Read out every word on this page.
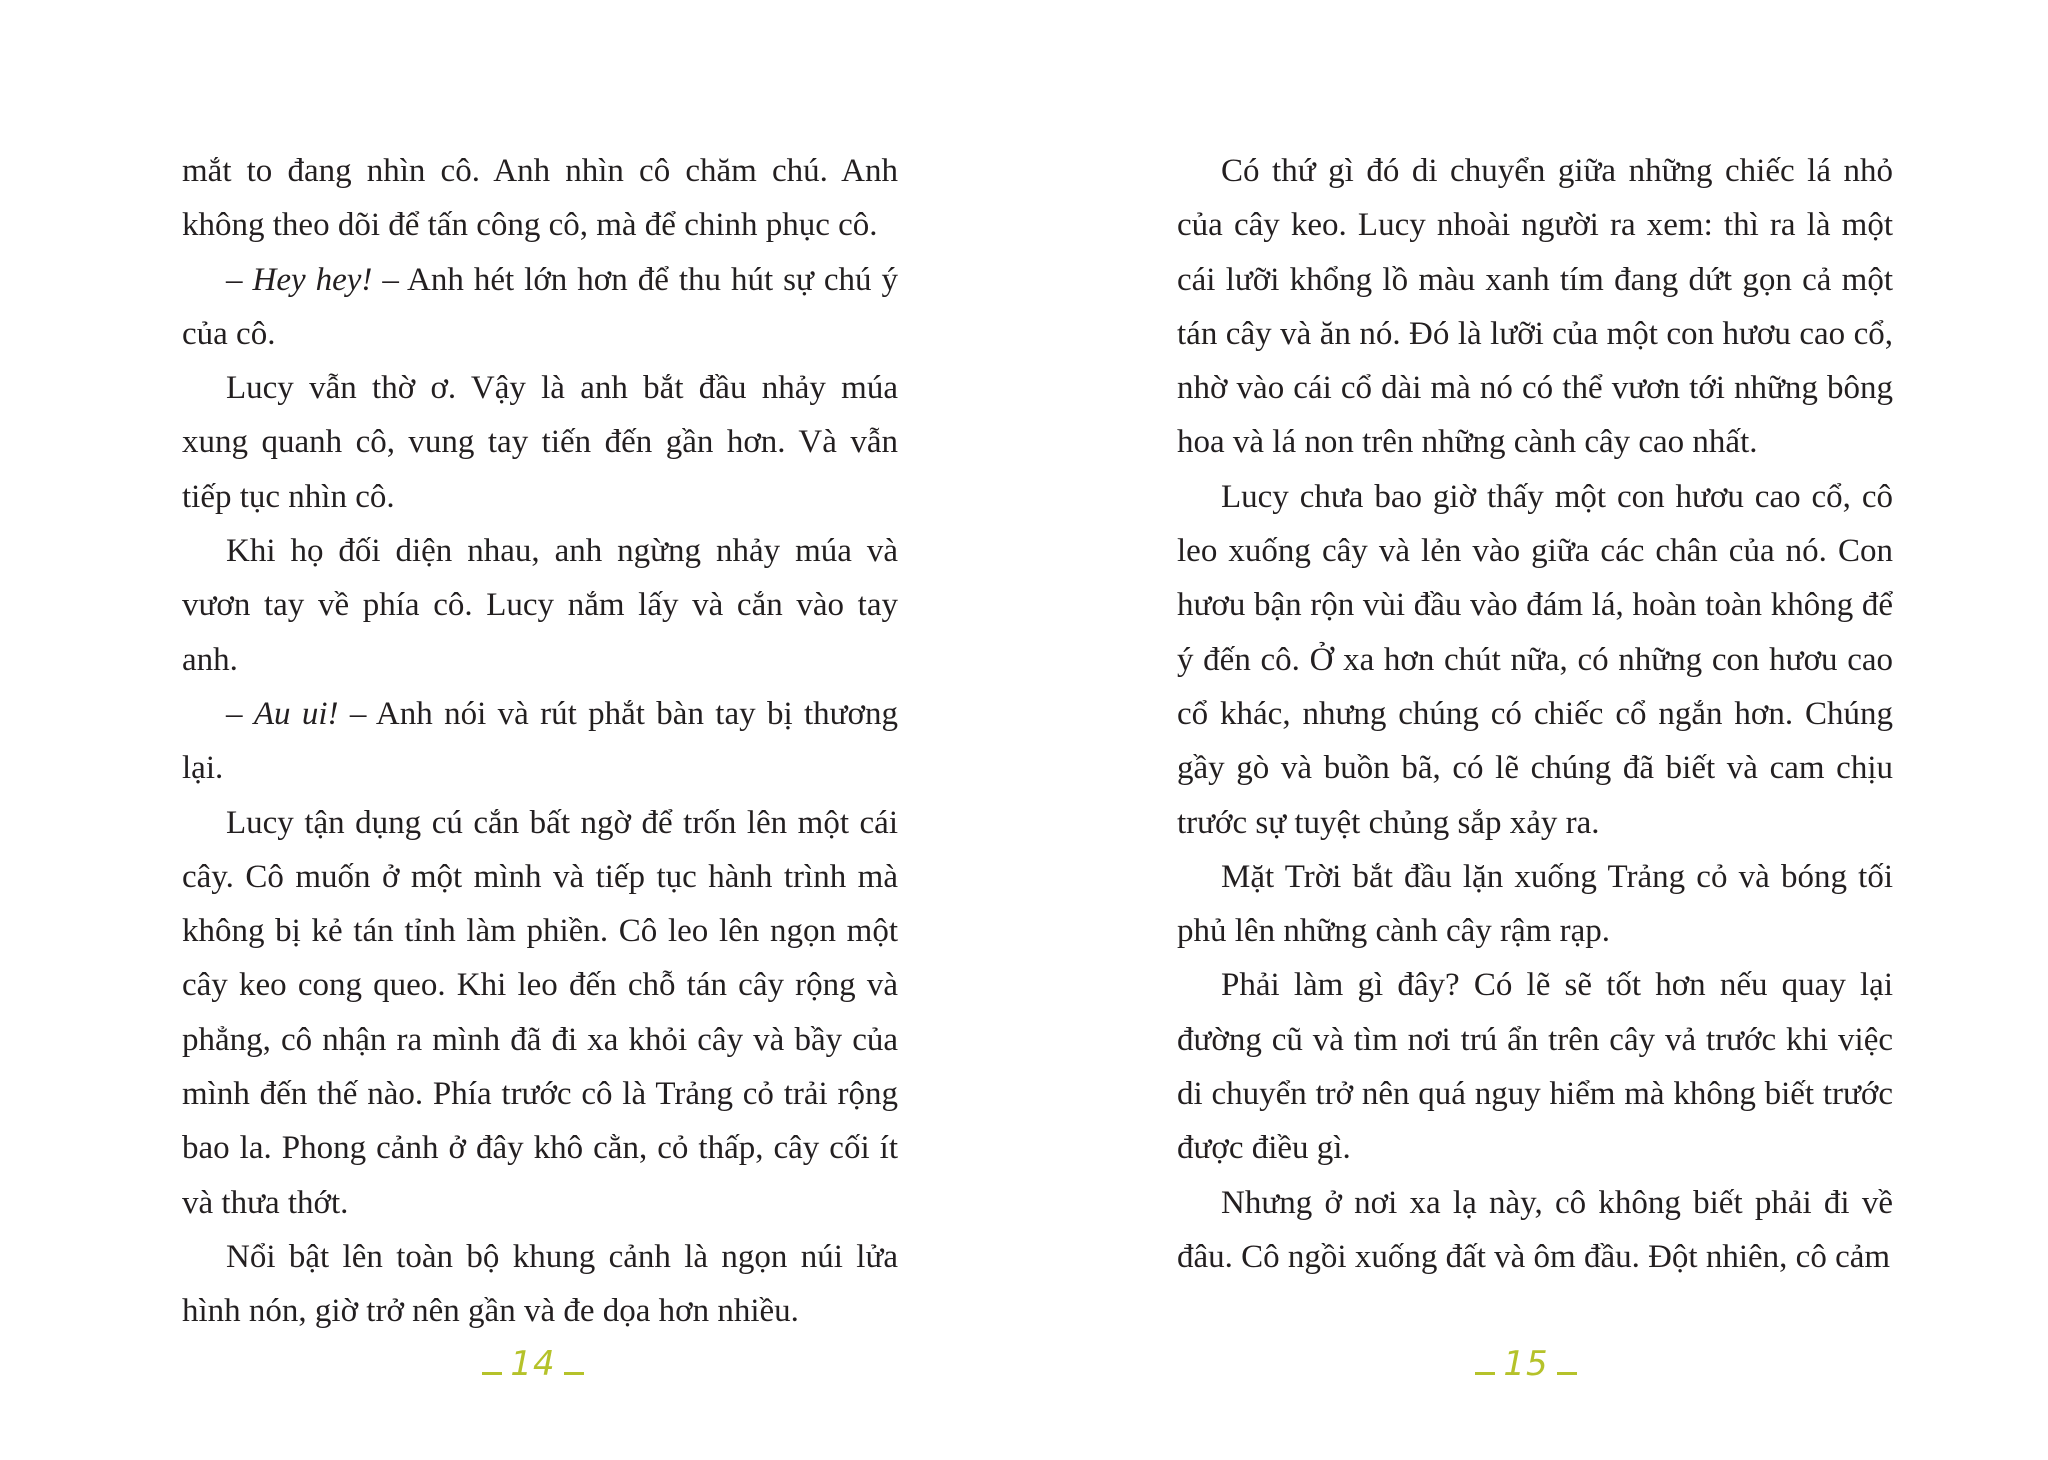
mắt to đang nhìn cô. Anh nhìn cô chăm chú. Anh không theo dõi để tấn công cô, mà để chinh phục cô.

– Hey hey! – Anh hét lớn hơn để thu hút sự chú ý của cô.

Lucy vẫn thờ ơ. Vậy là anh bắt đầu nhảy múa xung quanh cô, vung tay tiến đến gần hơn. Và vẫn tiếp tục nhìn cô.

Khi họ đối diện nhau, anh ngừng nhảy múa và vươn tay về phía cô. Lucy nắm lấy và cắn vào tay anh.

– Au ui! – Anh nói và rút phắt bàn tay bị thương lại.

Lucy tận dụng cú cắn bất ngờ để trốn lên một cái cây. Cô muốn ở một mình và tiếp tục hành trình mà không bị kẻ tán tỉnh làm phiền. Cô leo lên ngọn một cây keo cong queo. Khi leo đến chỗ tán cây rộng và phẳng, cô nhận ra mình đã đi xa khỏi cây và bầy của mình đến thế nào. Phía trước cô là Trảng cỏ trải rộng bao la. Phong cảnh ở đây khô cằn, cỏ thấp, cây cối ít và thưa thớt.

Nổi bật lên toàn bộ khung cảnh là ngọn núi lửa hình nón, giờ trở nên gần và đe dọa hơn nhiều.

14

Có thứ gì đó di chuyển giữa những chiếc lá nhỏ của cây keo. Lucy nhoài người ra xem: thì ra là một cái lưỡi khổng lồ màu xanh tím đang dứt gọn cả một tán cây và ăn nó. Đó là lưỡi của một con hươu cao cổ, nhờ vào cái cổ dài mà nó có thể vươn tới những bông hoa và lá non trên những cành cây cao nhất.

Lucy chưa bao giờ thấy một con hươu cao cổ, cô leo xuống cây và lẻn vào giữa các chân của nó. Con hươu bận rộn vùi đầu vào đám lá, hoàn toàn không để ý đến cô. Ở xa hơn chút nữa, có những con hươu cao cổ khác, nhưng chúng có chiếc cổ ngắn hơn. Chúng gầy gò và buồn bã, có lẽ chúng đã biết và cam chịu trước sự tuyệt chủng sắp xảy ra.

Mặt Trời bắt đầu lặn xuống Trảng cỏ và bóng tối phủ lên những cành cây rậm rạp.

Phải làm gì đây? Có lẽ sẽ tốt hơn nếu quay lại đường cũ và tìm nơi trú ẩn trên cây vả trước khi việc di chuyển trở nên quá nguy hiểm mà không biết trước được điều gì.

Nhưng ở nơi xa lạ này, cô không biết phải đi về đâu. Cô ngồi xuống đất và ôm đầu. Đột nhiên, cô cảm

15
